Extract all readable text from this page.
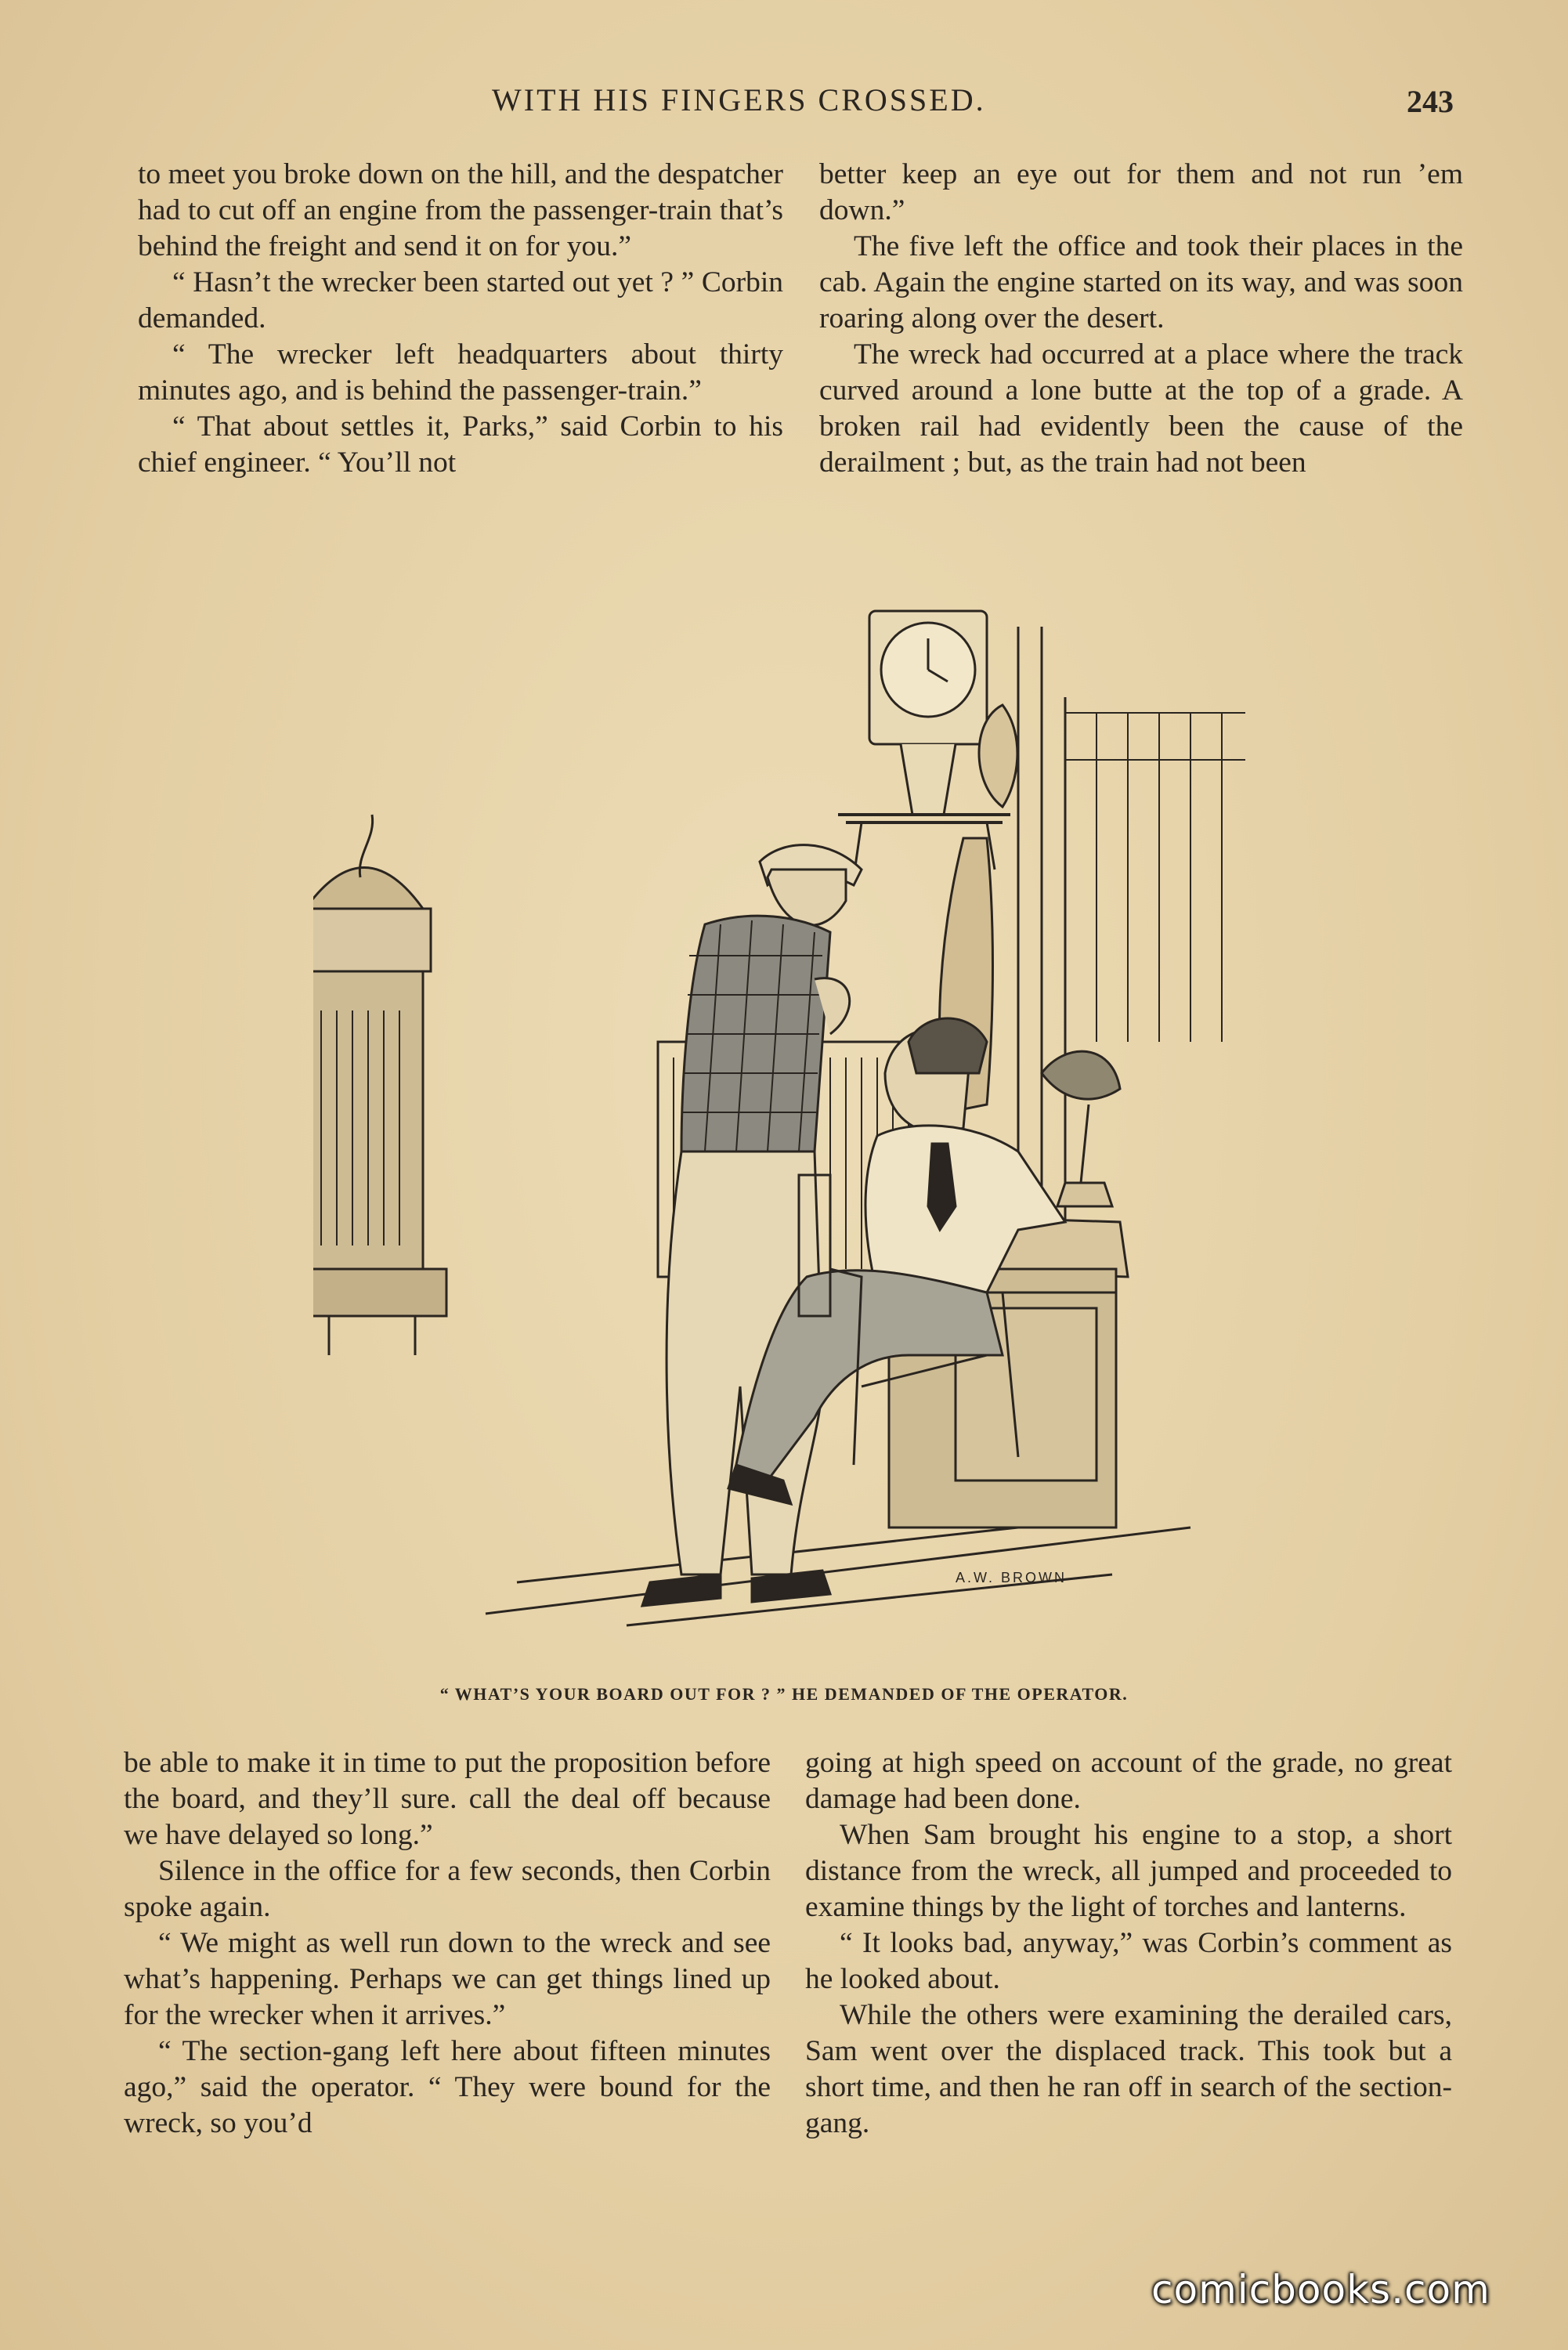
WITH HIS FINGERS CROSSED.	243

to meet you broke down on the hill, and the despatcher had to cut off an engine from the passenger-train that’s behind the freight and send it on for you.”

“ Hasn’t the wrecker been started out yet ? ” Corbin demanded.

“ The wrecker left headquarters about thirty minutes ago, and is behind the passenger-train.”

“ That about settles it, Parks,” said Corbin to his chief engineer. “ You’ll not

better keep an eye out for them and not run ’em down.”

The five left the office and took their places in the cab. Again the engine started on its way, and was soon roaring along over the desert.

The wreck had occurred at a place where the track curved around a lone butte at the top of a grade. A broken rail had evidently been the cause of the derailment ; but, as the train had not been

A.W. BROWN
“ WHAT’S YOUR BOARD OUT FOR ? ” HE DEMANDED OF THE OPERATOR.

be able to make it in time to put the proposition before the board, and they’ll sure. call the deal off because we have delayed so long.”

Silence in the office for a few seconds, then Corbin spoke again.

“ We might as well run down to the wreck and see what’s happening. Perhaps we can get things lined up for the wrecker when it arrives.”

“ The section-gang left here about fifteen minutes ago,” said the operator. “ They were bound for the wreck, so you’d

going at high speed on account of the grade, no great damage had been done.

When Sam brought his engine to a stop, a short distance from the wreck, all jumped and proceeded to examine things by the light of torches and lanterns.

“ It looks bad, anyway,” was Corbin’s comment as he looked about.

While the others were examining the derailed cars, Sam went over the displaced track. This took but a short time, and then he ran off in search of the section-gang.

comicbooks.com
